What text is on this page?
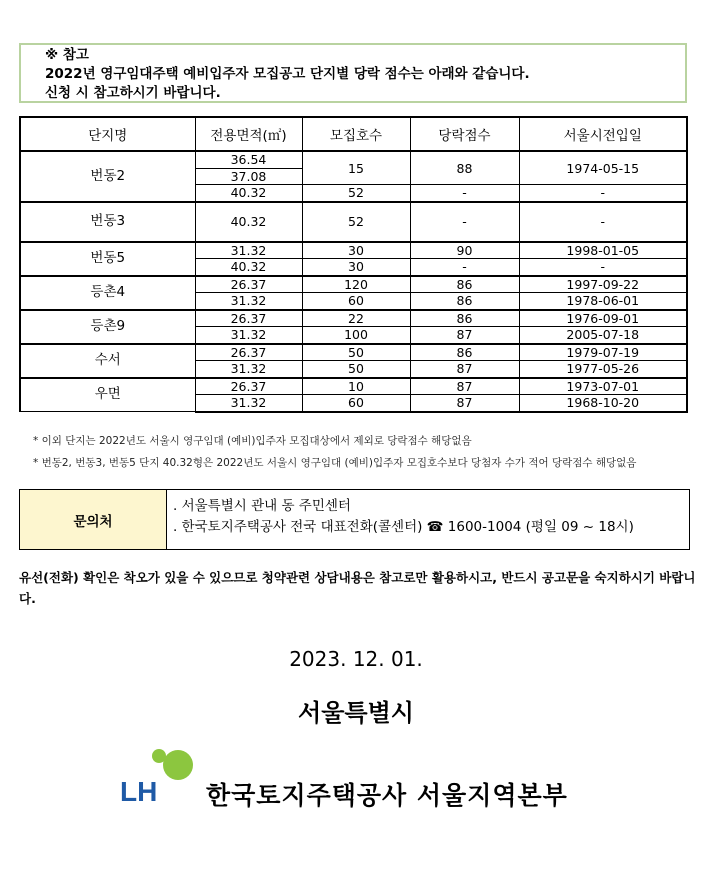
※ 참고
2022년 영구임대주택 예비입주자 모집공고 단지별 당락 점수는 아래와 같습니다.
신청 시 참고하시기 바랍니다.
단지명	전용면적(㎡)	모집호수	당락점수	서울시전입일
번동2	36.54	15	88	1974-05-15
	37.08			
	40.32	52	-	-
번동3	40.32	52	-	-
번동5	31.32	30	90	1998-01-05
	40.32	30	-	-
등촌4	26.37	120	86	1997-09-22
	31.32	60	86	1978-06-01
등촌9	26.37	22	86	1976-09-01
	31.32	100	87	2005-07-18
수서	26.37	50	86	1979-07-19
	31.32	50	87	1977-05-26
우면	26.37	10	87	1973-07-01
	31.32	60	87	1968-10-20
* 이외 단지는 2022년도 서울시 영구임대 (예비)입주자 모집대상에서 제외로 당락점수 해당없음
* 번동2, 번동3, 번동5 단지 40.32형은 2022년도 서울시 영구임대 (예비)입주자 모집호수보다 당첨자 수가 적어 당락점수 해당없음
문의처
. 서울특별시 관내 동 주민센터
. 한국토지주택공사 전국 대표전화(콜센터) ☎ 1600-1004 (평일 09 ~ 18시)
유선(전화) 확인은 착오가 있을 수 있으므로 청약관련 상담내용은 참고로만 활용하시고, 반드시 공고문을 숙지하시기 바랍니다.
2023. 12. 01.
서울특별시
LH 한국토지주택공사 서울지역본부
